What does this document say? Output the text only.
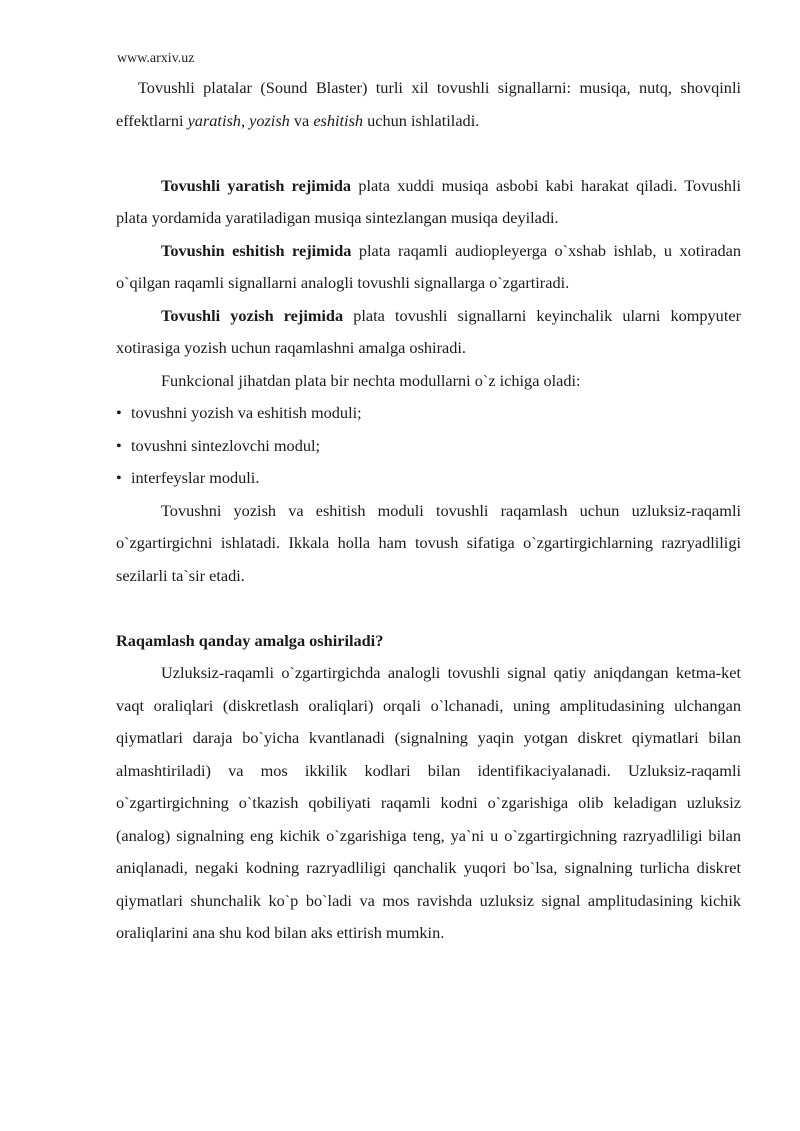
www.arxiv.uz

Tovushli platalar (Sound Blaster) turli xil tovushli signallarni: musiqa, nutq, shovqinli effektlarni yaratish, yozish va eshitish uchun ishlatiladi.

Tovushli yaratish rejimida plata xuddi musiqa asbobi kabi harakat qiladi. Tovushli plata yordamida yaratiladigan musiqa sintezlangan musiqa deyiladi.

Tovushin eshitish rejimida plata raqamli audiopleyerga o`xshab ishlab, u xotiradan o`qilgan raqamli signallarni analogli tovushli signallarga o`zgartiradi.

Tovushli yozish rejimida plata tovushli signallarni keyinchalik ularni kompyuter xotirasiga yozish uchun raqamlashni amalga oshiradi.

Funkcional jihatdan plata bir nechta modullarni o`z ichiga oladi:

• tovushni yozish va eshitish moduli;
• tovushni sintezlovchi modul;
• interfeyslar moduli.

Tovushni yozish va eshitish moduli tovushli raqamlash uchun uzluksiz-raqamli o`zgartirgichni ishlatadi. Ikkala holla ham tovush sifatiga o`zgartirgichlarning razryadliligi sezilarli ta`sir etadi.

Raqamlash qanday amalga oshiriladi?

Uzluksiz-raqamli o`zgartirgichda analogli tovushli signal qatiy aniqdangan ketma-ket vaqt oraliqlari (diskretlash oraliqlari) orqali o`lchanadi, uning amplitudasining ulchangan qiymatlari daraja bo`yicha kvantlanadi (signalning yaqin yotgan diskret qiymatlari bilan almashtiriladi) va mos ikkilik kodlari bilan identifikaciyalanadi. Uzluksiz-raqamli o`zgartirgichning o`tkazish qobiliyati raqamli kodni o`zgarishiga olib keladigan uzluksiz (analog) signalning eng kichik o`zgarishiga teng, ya`ni u o`zgartirgichning razryadliligi bilan aniqlanadi, negaki kodning razryadliligi qanchalik yuqori bo`lsa, signalning turlicha diskret qiymatlari shunchalik ko`p bo`ladi va mos ravishda uzluksiz signal amplitudasining kichik oraliqlarini ana shu kod bilan aks ettirish mumkin.
